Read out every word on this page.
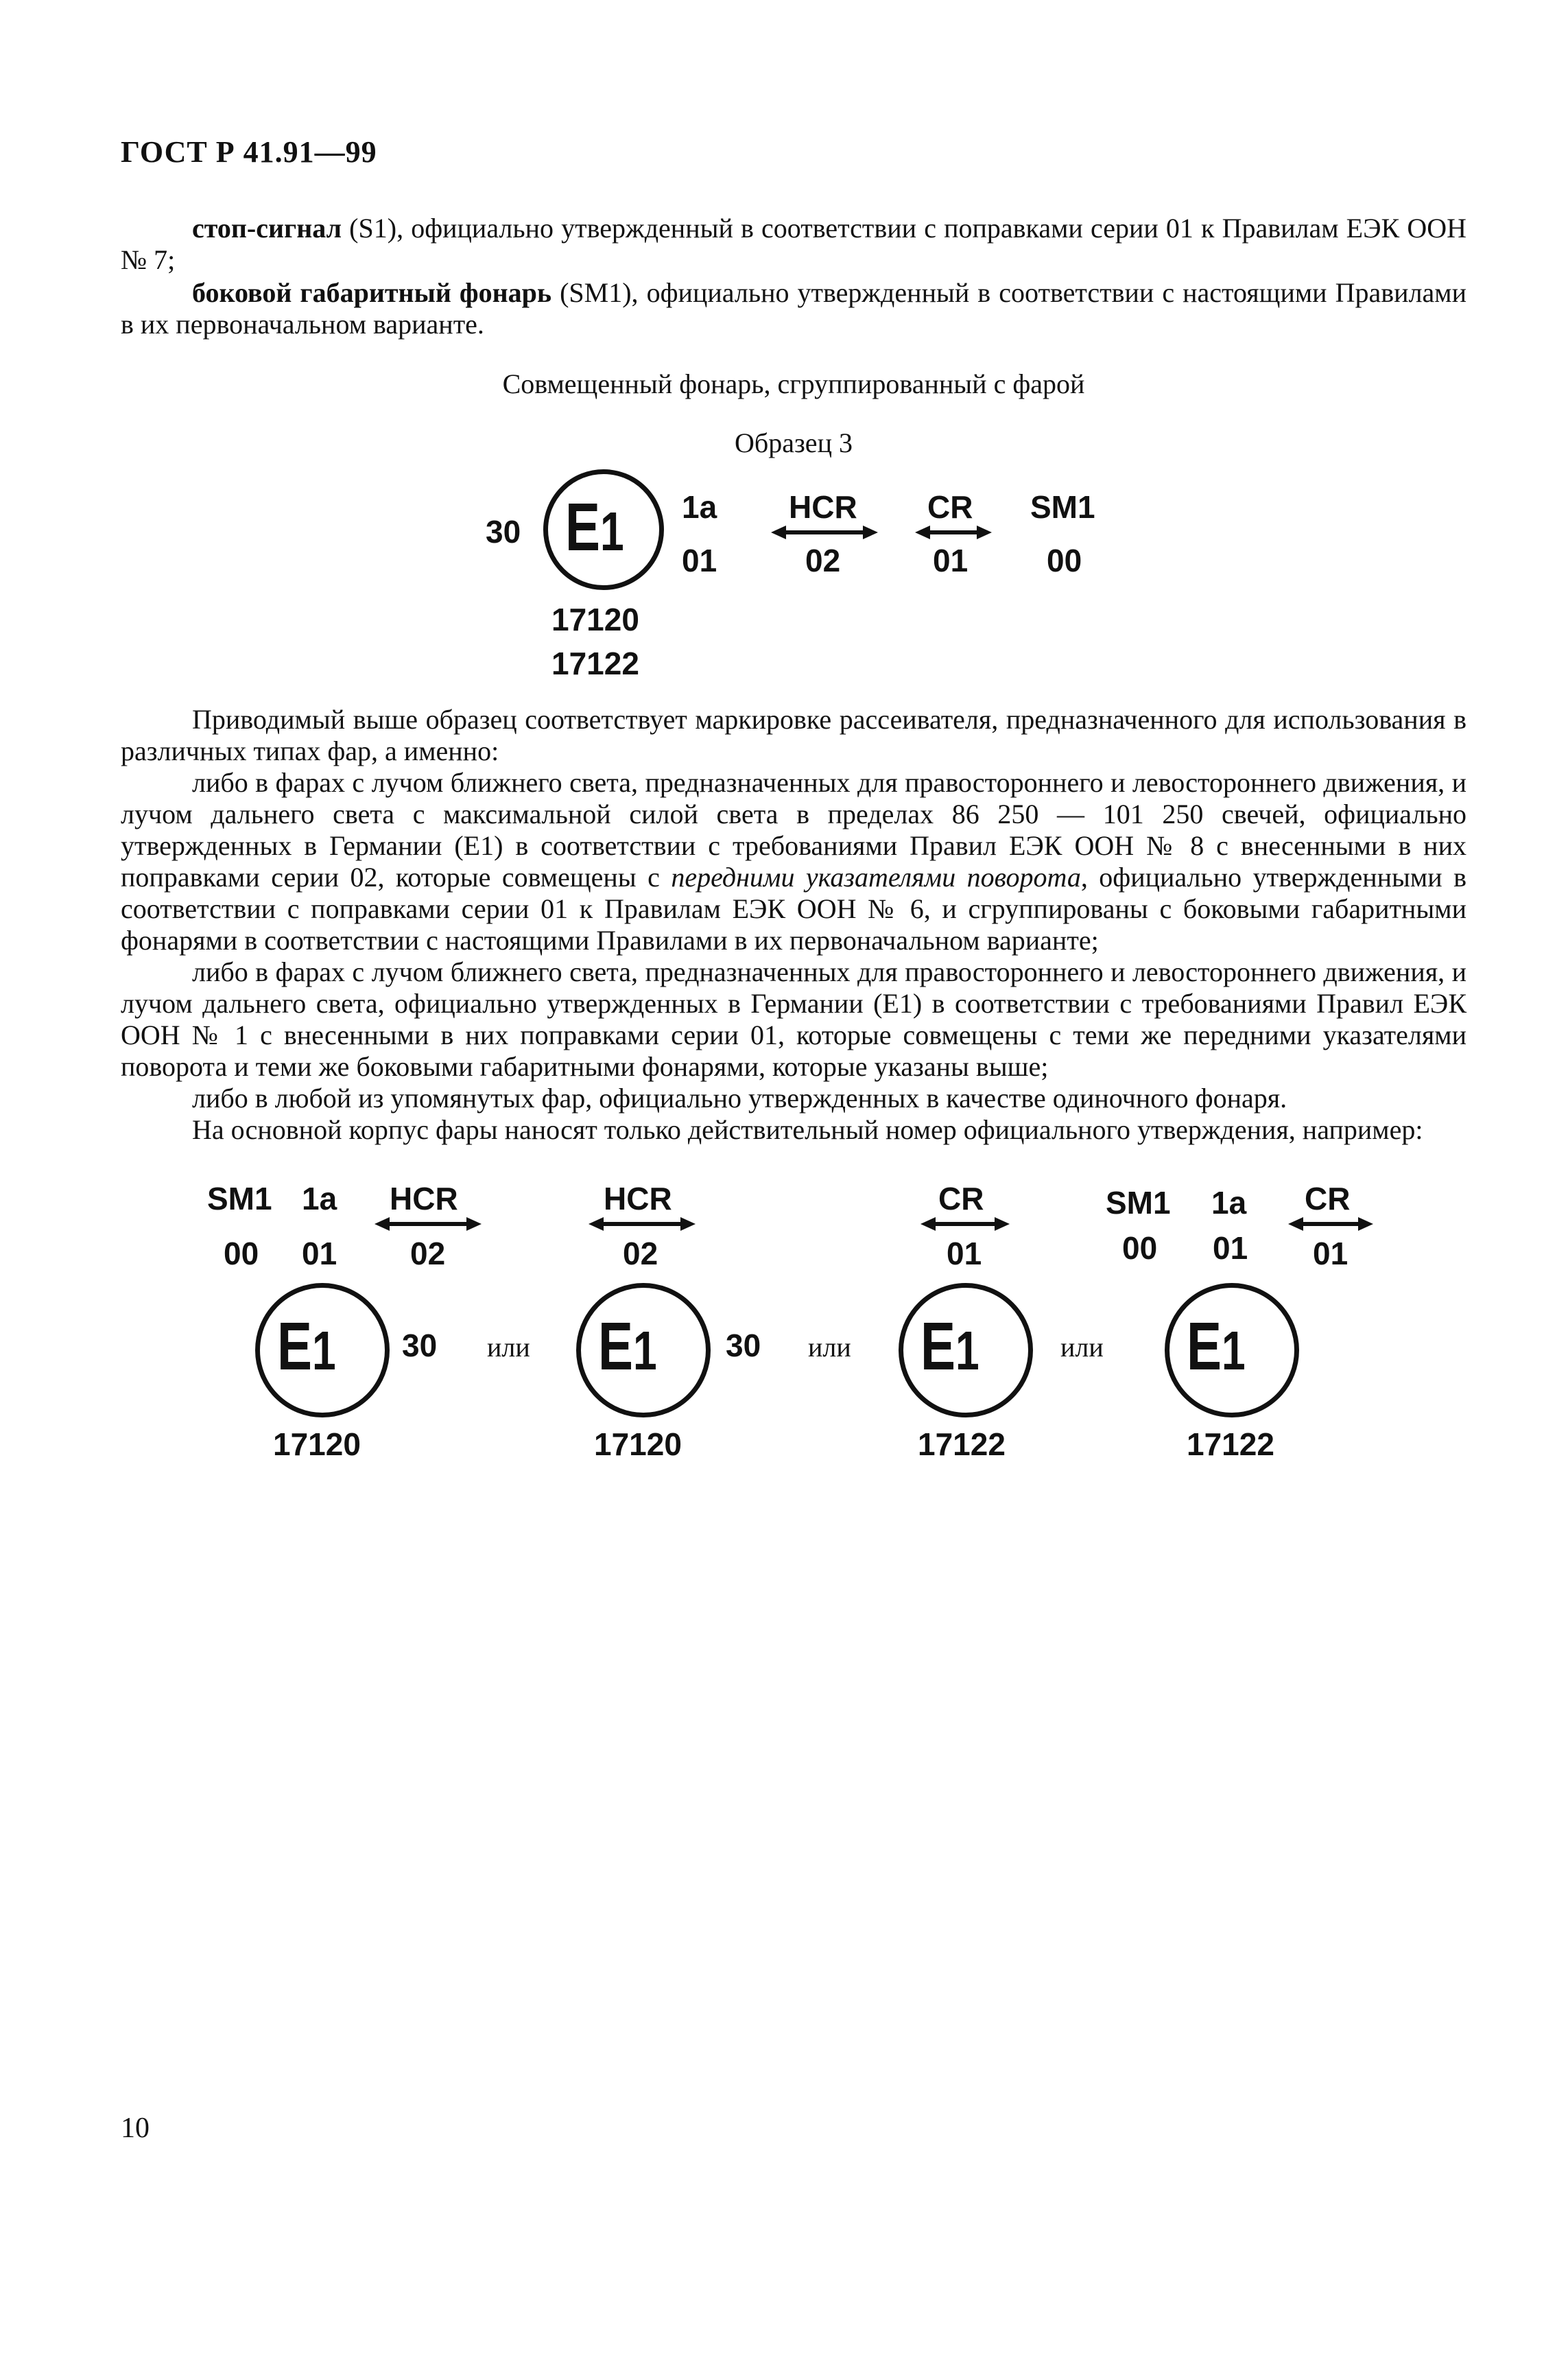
ГОСТ Р 41.91—99
стоп-сигнал (S1), официально утвержденный в соответствии с поправками серии 01 к Правилам ЕЭК ООН № 7;
боковой габаритный фонарь (SM1), официально утвержденный в соответствии с настоящими Правилами в их первоначальном варианте.
Совмещенный фонарь, сгруппированный с фарой
Образец 3
30 E1 1a
01
HCR
02
CR
01
SM1
00
17120
17122
Приводимый выше образец соответствует маркировке рассеивателя, предназначенного для использования в различных типах фар, а именно:
либо в фарах с лучом ближнего света, предназначенных для правостороннего и левостороннего движения, и лучом дальнего света с максимальной силой света в пределах 86 250 — 101 250 свечей, официально утвержденных в Германии (E1) в соответствии с требованиями Правил ЕЭК ООН № 8 с внесенными в них поправками серии 02, которые совмещены с передними указателями поворота, официально утвержденными в соответствии с поправками серии 01 к Правилам ЕЭК ООН № 6, и сгруппированы с боковыми габаритными фонарями в соответствии с настоящими Правилами в их первоначальном варианте;
либо в фарах с лучом ближнего света, предназначенных для правостороннего и левостороннего движения, и лучом дальнего света, официально утвержденных в Германии (E1) в соответствии с требованиями Правил ЕЭК ООН № 1 с внесенными в них поправками серии 01, которые совмещены с теми же передними указателями поворота и теми же боковыми габаритными фонарями, которые указаны выше;
либо в любой из упомянутых фар, официально утвержденных в качестве одиночного фонаря.
На основной корпус фары наносят только действительный номер официального утверждения, например:
SM1 1a HCR
00 01 02
E1 30
17120
или
HCR
02
E1 30
17120
или
CR
01
E1
17122
или
SM1 1a CR
00 01 01
E1
17122
10
